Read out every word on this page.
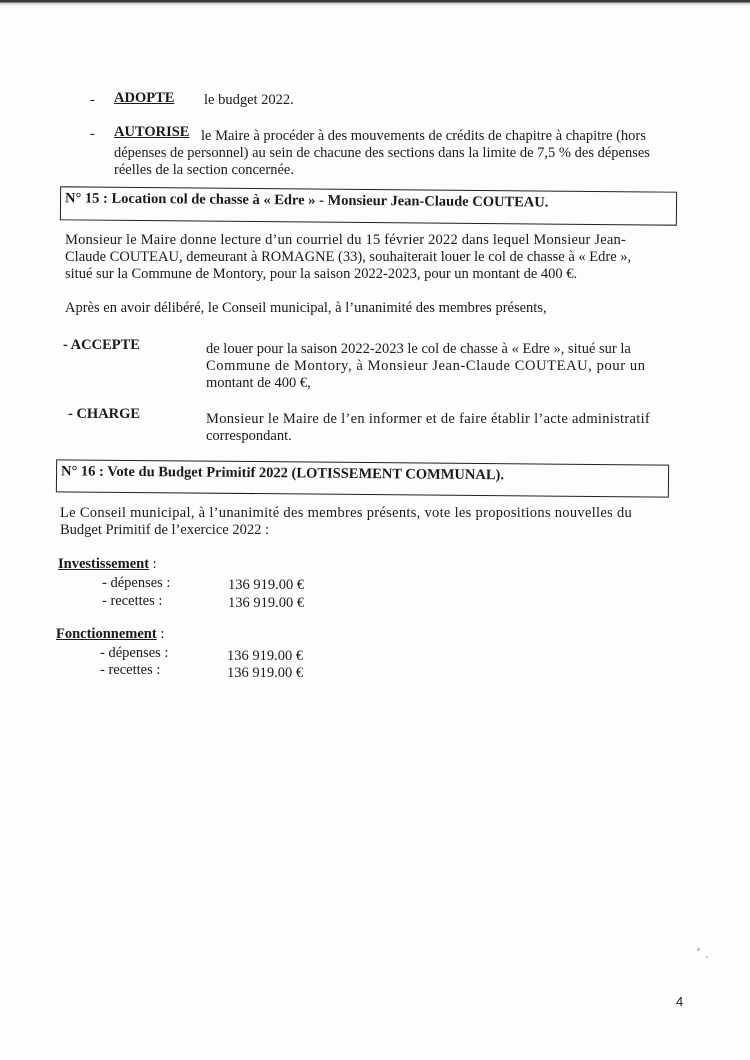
- ADOPTE le budget 2022.
- AUTORISE le Maire à procéder à des mouvements de crédits de chapitre à chapitre (hors
dépenses de personnel) au sein de chacune des sections dans la limite de 7,5 % des dépenses
réelles de la section concernée.
N° 15 : Location col de chasse à « Edre » - Monsieur Jean-Claude COUTEAU.
Monsieur le Maire donne lecture d’un courriel du 15 février 2022 dans lequel Monsieur Jean-
Claude COUTEAU, demeurant à ROMAGNE (33), souhaiterait louer le col de chasse à « Edre »,
situé sur la Commune de Montory, pour la saison 2022-2023, pour un montant de 400 €.
Après en avoir délibéré, le Conseil municipal, à l’unanimité des membres présents,
- ACCEPTE	de louer pour la saison 2022-2023 le col de chasse à « Edre », situé sur la
Commune de Montory, à Monsieur Jean-Claude COUTEAU, pour un
montant de 400 €,
- CHARGE	Monsieur le Maire de l’en informer et de faire établir l’acte administratif
correspondant.
N° 16 : Vote du Budget Primitif 2022 (LOTISSEMENT COMMUNAL).
Le Conseil municipal, à l’unanimité des membres présents, vote les propositions nouvelles du
Budget Primitif de l’exercice 2022 :
Investissement :
- dépenses :	136 919.00 €
- recettes :	136 919.00 €
Fonctionnement :
- dépenses :	136 919.00 €
- recettes :	136 919.00 €
4
